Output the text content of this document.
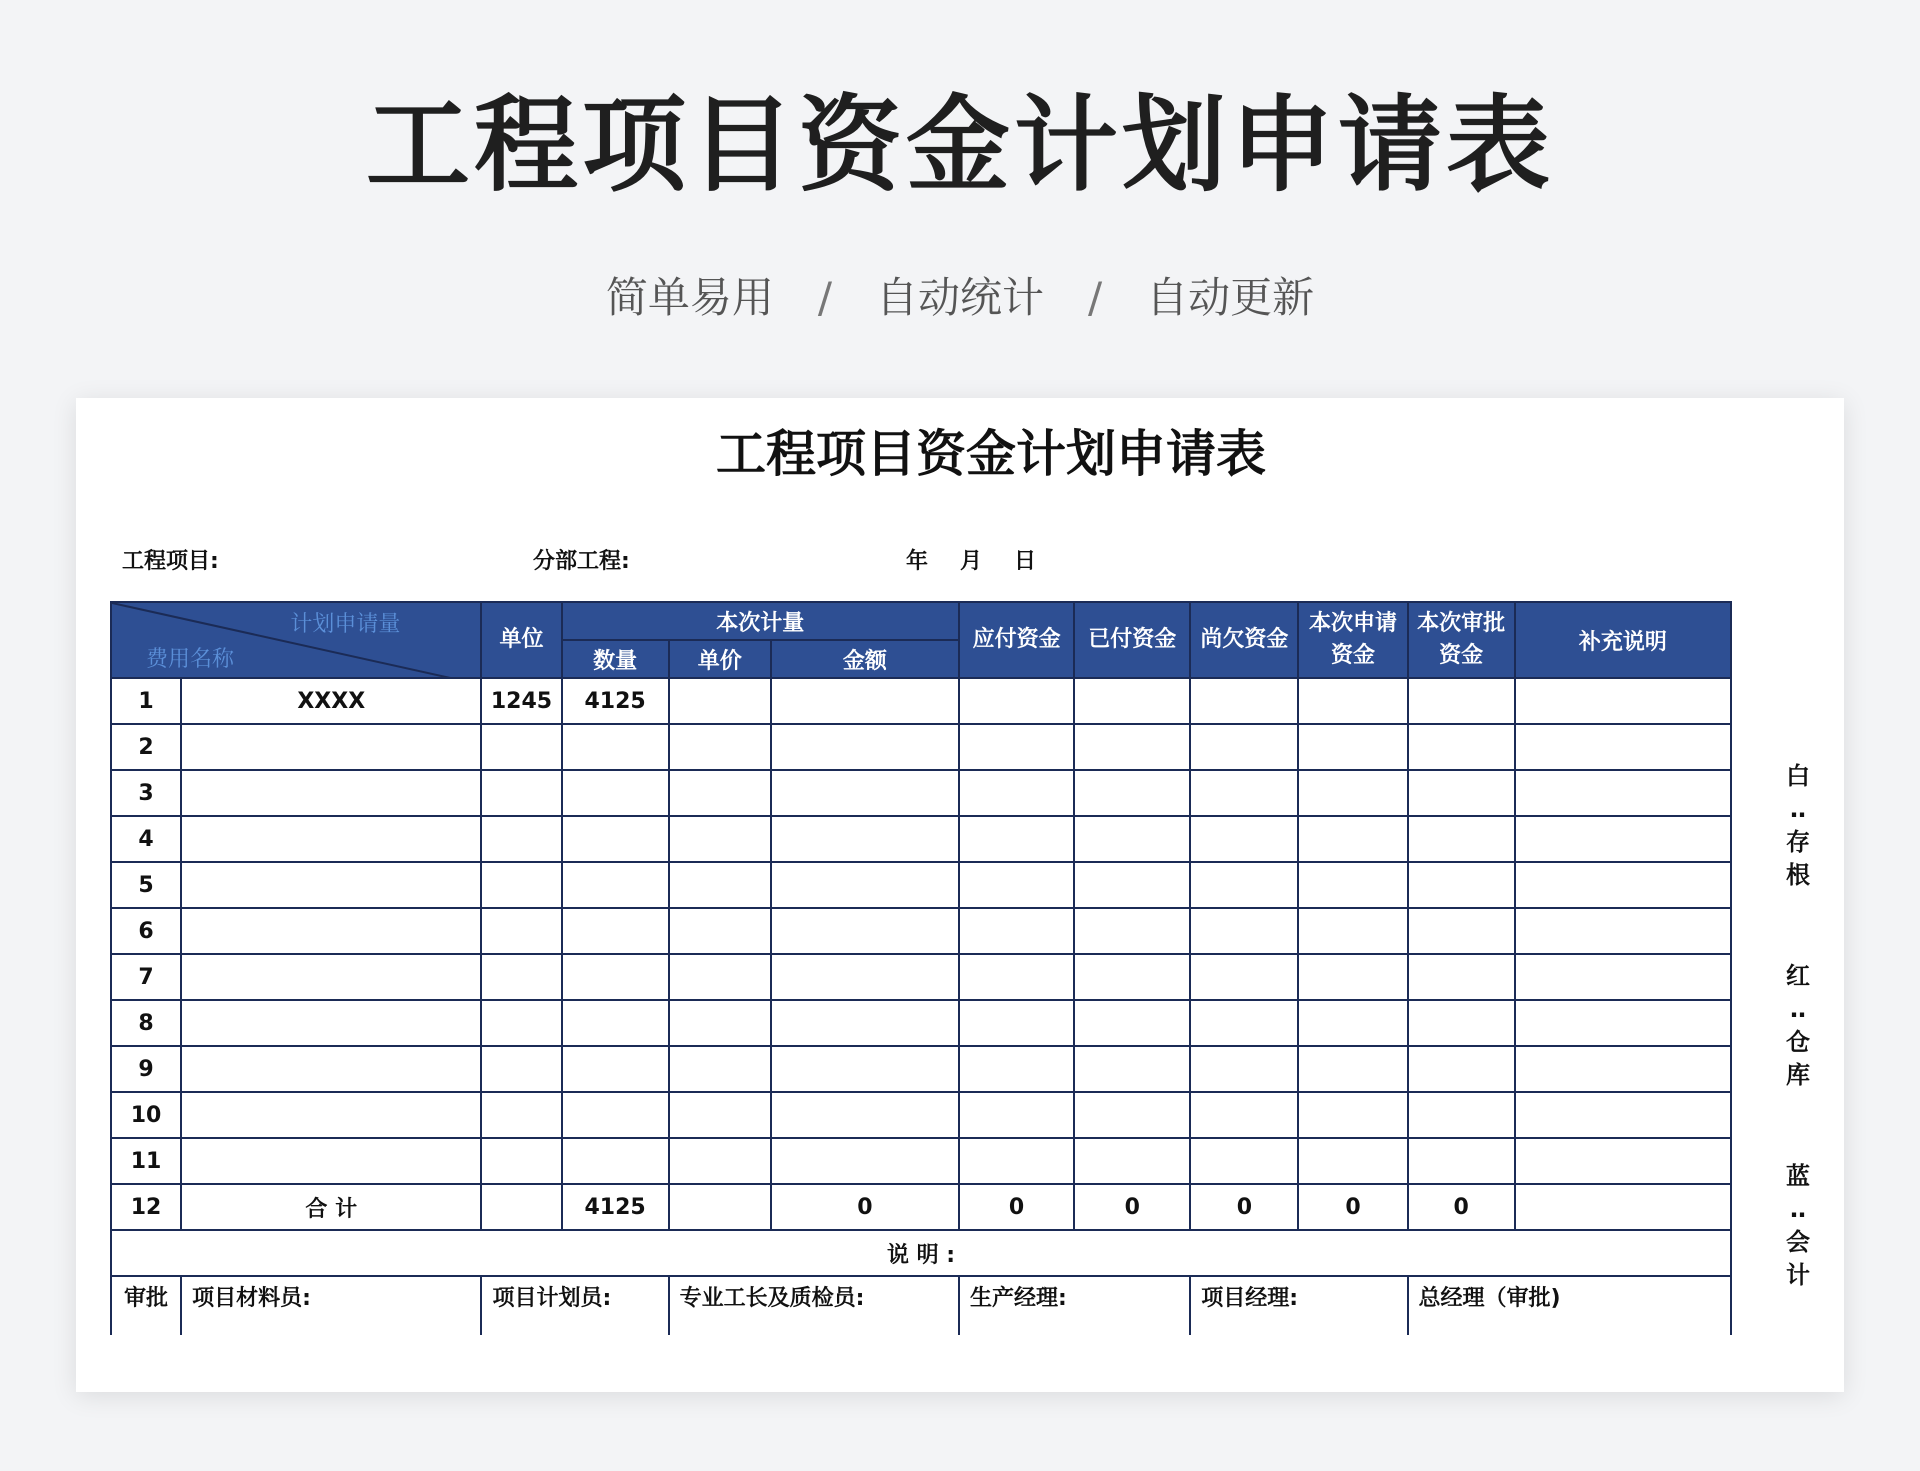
工程项目资金计划申请表
简单易用 / 自动统计 / 自动更新
工程项目资金计划申请表
工程项目:	分部工程:	年 月 日
计划申请量
费用名称		单位	本次计量			应付资金	已付资金	尚欠资金	本次申请资金	本次审批资金	补充说明
			数量	单价	金额						
1	XXXX	1245	4125								
2											
3											
4											
5											
6											
7											
8											
9											
10											
11											
12	合 计		4125		0	0	0	0	0	0	
说 明 :											
审批	项目材料员:	项目计划员:		专业工长及质检员:		生产经理:		项目经理:		总经理（审批)	
白
‥
存根
红
‥
仓库
蓝
‥
会计
